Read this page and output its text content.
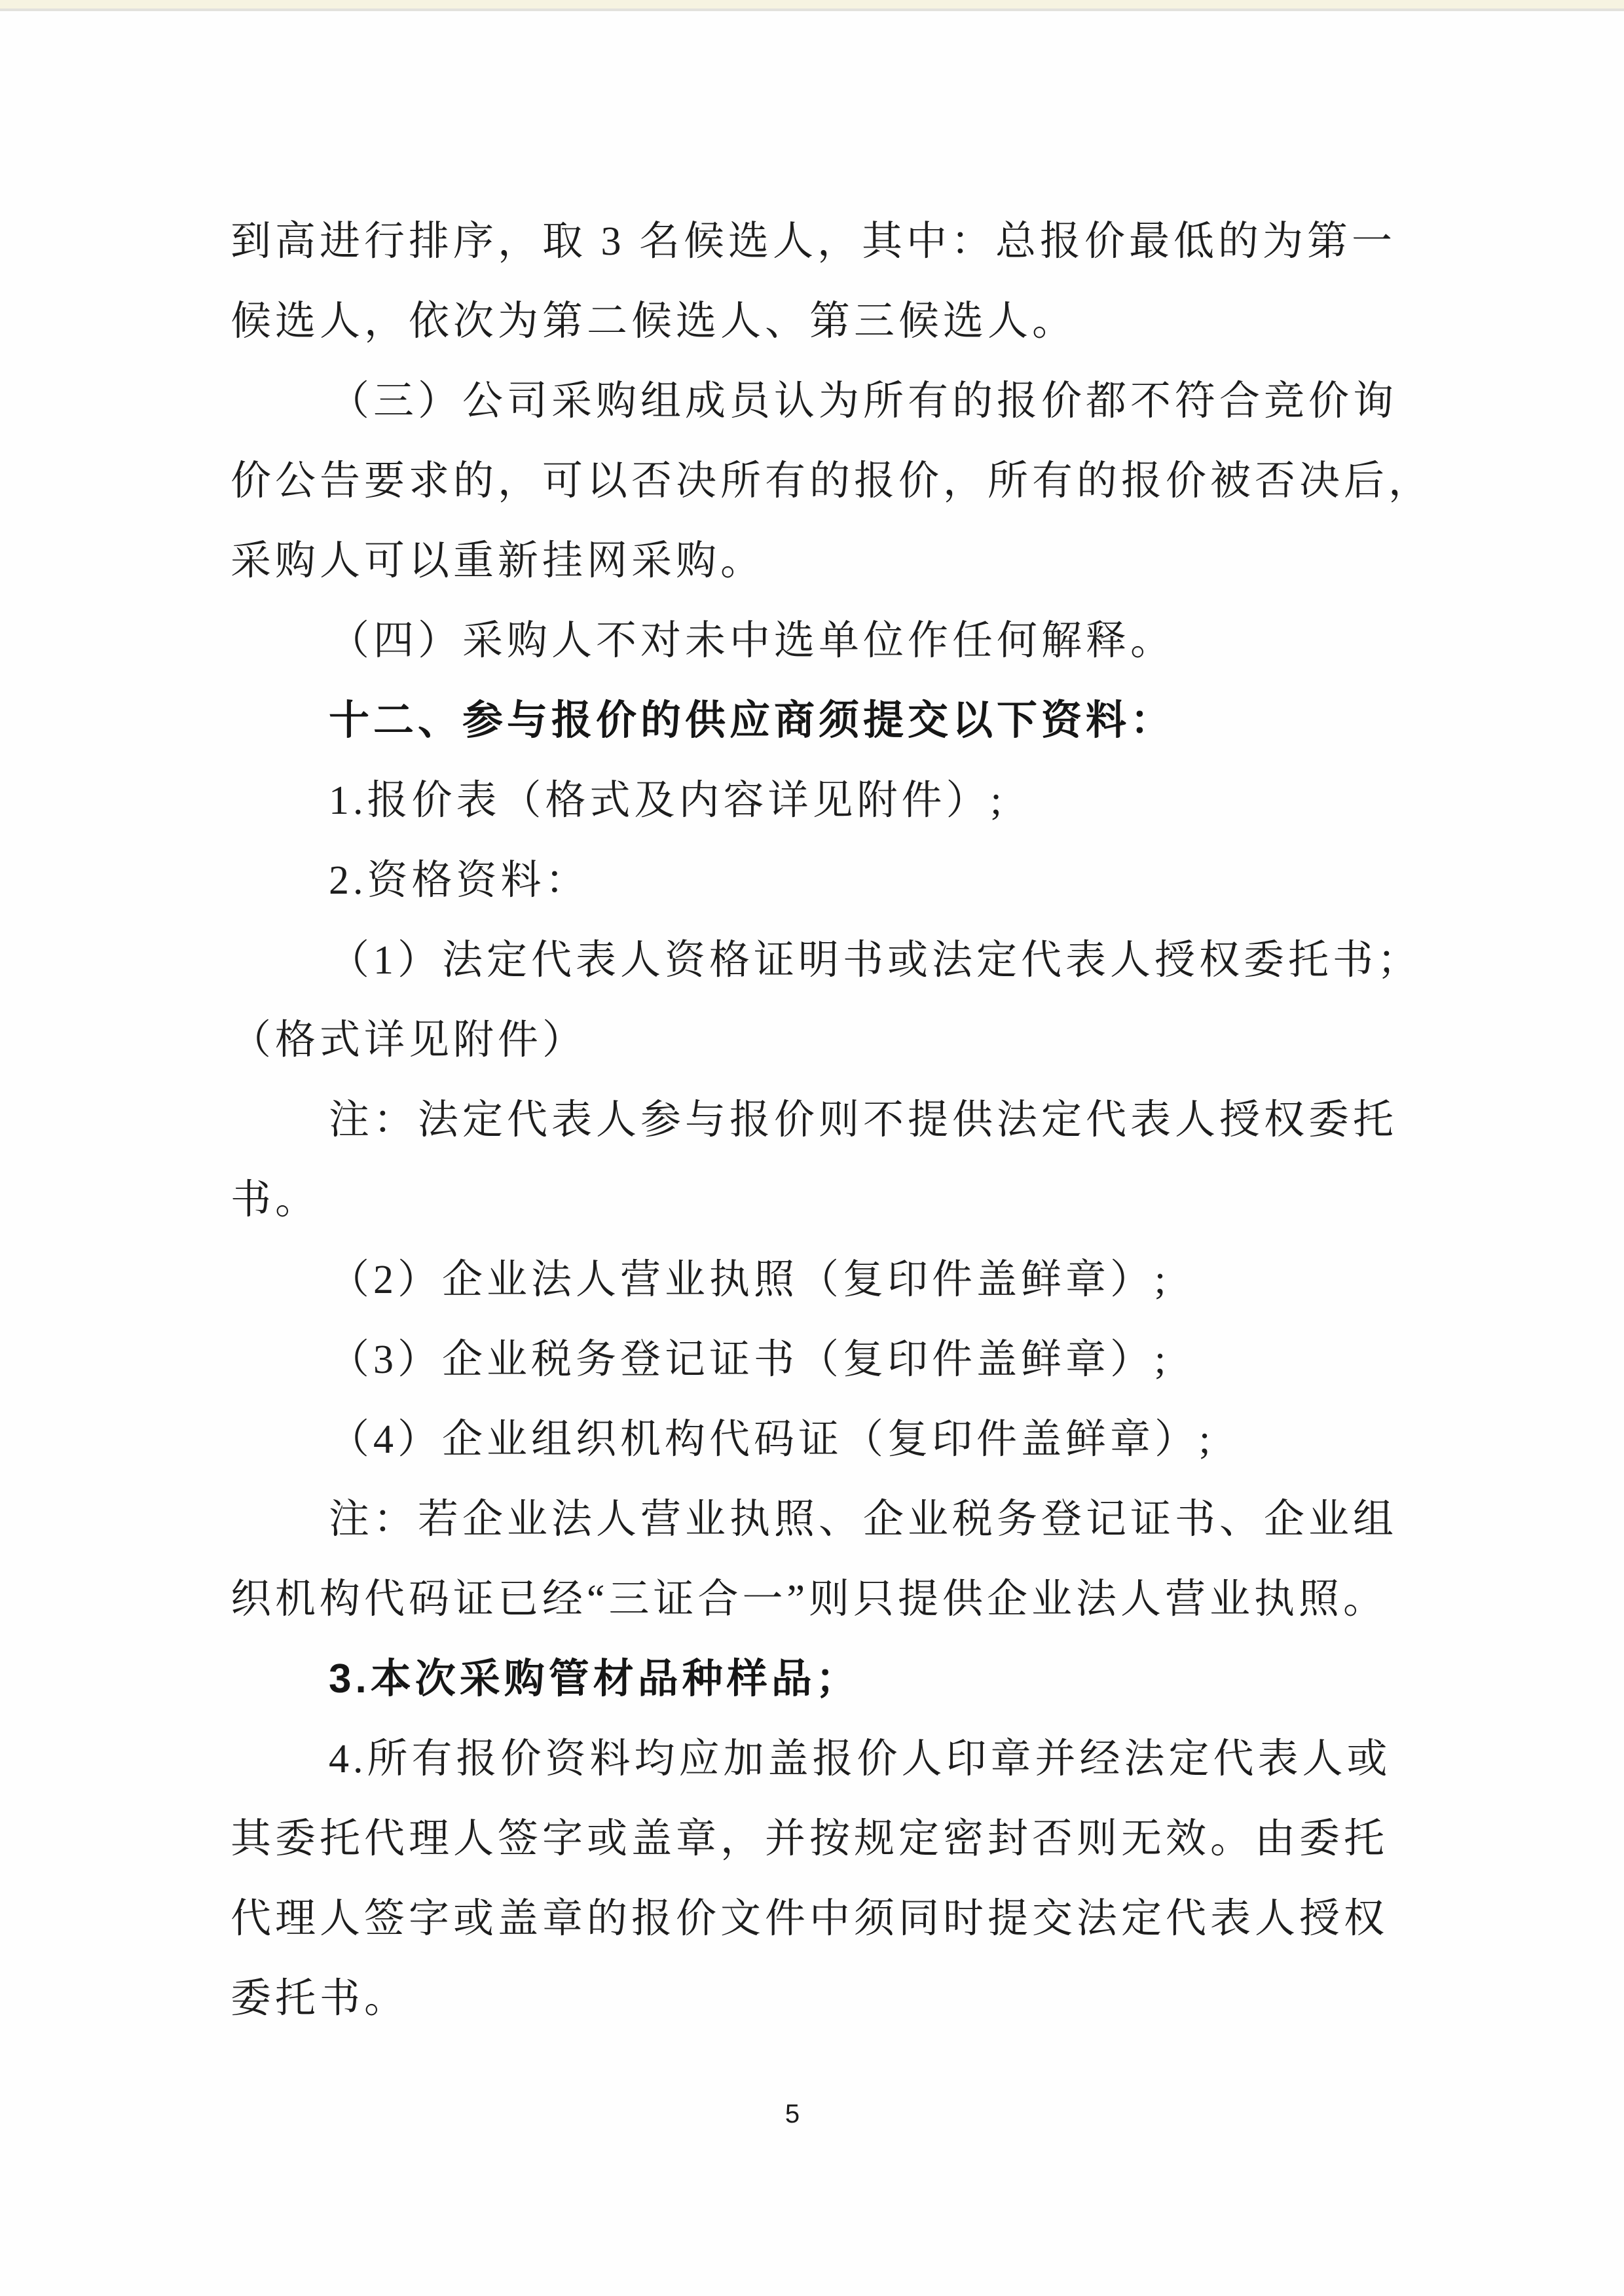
到高进行排序，取 3 名候选人，其中：总报价最低的为第一

候选人，依次为第二候选人、第三候选人。

（三）公司采购组成员认为所有的报价都不符合竞价询

价公告要求的，可以否决所有的报价，所有的报价被否决后，

采购人可以重新挂网采购。

（四）采购人不对未中选单位作任何解释。

十二、参与报价的供应商须提交以下资料：

1.报价表（格式及内容详见附件）;

2.资格资料：

（1）法定代表人资格证明书或法定代表人授权委托书；

（格式详见附件）

注：法定代表人参与报价则不提供法定代表人授权委托

书。

（2）企业法人营业执照（复印件盖鲜章）;

（3）企业税务登记证书（复印件盖鲜章）;

（4）企业组织机构代码证（复印件盖鲜章）;

注：若企业法人营业执照、企业税务登记证书、企业组

织机构代码证已经“三证合一”则只提供企业法人营业执照。

3.本次采购管材品种样品；

4.所有报价资料均应加盖报价人印章并经法定代表人或

其委托代理人签字或盖章，并按规定密封否则无效。由委托

代理人签字或盖章的报价文件中须同时提交法定代表人授权

委托书。

5
